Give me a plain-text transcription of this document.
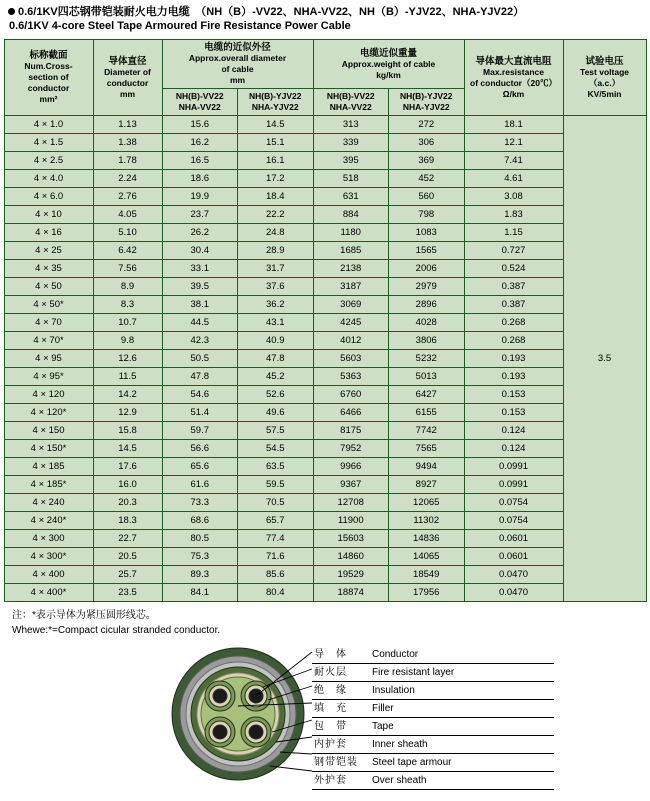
0.6/1KV四芯钢带铠装耐火电力电缆　（NH（B）-VV22、NHA-VV22、NH（B）-YJV22、NHA-YJV22）
0.6/1KV 4-core Steel Tape Armoured Fire Resistance Power Cable
标称截面
Num.Cross-
section of
conductor
mm²	导体直径
Diameter of
conductor
mm	电缆的近似外径
Approx.overall diameter
of cable
mm		电缆近似重量
Approx.weight of cable
kg/km		导体最大直流电阻
Max.resistance
of conductor（20℃）
Ω/km	试验电压
Test voltage
（a.c.）
KV/5min

		NH(B)-VV22
NHA-VV22	NH(B)-YJV22
NHA-YJV22	NH(B)-VV22
NHA-VV22	NH(B)-YJV22
NHA-YJV22		

4 × 1.0	1.13	15.6	14.5	313	272	18.1	3.5
4 × 1.5	1.38	16.2	15.1	339	306	12.1	
4 × 2.5	1.78	16.5	16.1	395	369	7.41	
4 × 4.0	2.24	18.6	17.2	518	452	4.61	
4 × 6.0	2.76	19.9	18.4	631	560	3.08	
4 × 10	4.05	23.7	22.2	884	798	1.83	
4 × 16	5.10	26.2	24.8	1180	1083	1.15	
4 × 25	6.42	30.4	28.9	1685	1565	0.727	
4 × 35	7.56	33.1	31.7	2138	2006	0.524	
4 × 50	8.9	39.5	37.6	3187	2979	0.387	
4 × 50*	8.3	38.1	36.2	3069	2896	0.387	
4 × 70	10.7	44.5	43.1	4245	4028	0.268	
4 × 70*	9.8	42.3	40.9	4012	3806	0.268	
4 × 95	12.6	50.5	47.8	5603	5232	0.193	
4 × 95*	11.5	47.8	45.2	5363	5013	0.193	
4 × 120	14.2	54.6	52.6	6760	6427	0.153	
4 × 120*	12.9	51.4	49.6	6466	6155	0.153	
4 × 150	15.8	59.7	57.5	8175	7742	0.124	
4 × 150*	14.5	56.6	54.5	7952	7565	0.124	
4 × 185	17.6	65.6	63.5	9966	9494	0.0991	
4 × 185*	16.0	61.6	59.5	9367	8927	0.0991	
4 × 240	20.3	73.3	70.5	12708	12065	0.0754	
4 × 240*	18.3	68.6	65.7	11900	11302	0.0754	
4 × 300	22.7	80.5	77.4	15603	14836	0.0601	
4 × 300*	20.5	75.3	71.6	14860	14065	0.0601	
4 × 400	25.7	89.3	85.6	19529	18549	0.0470	
4 × 400*	23.5	84.1	80.4	18874	17956	0.0470	
注：*表示导体为紧压圆形线芯。
Whewe:*=Compact cicular stranded conductor.
导　体	Conductor
耐火层	Fire resistant layer
绝　缘	Insulation
填　充	Filler
包　带	Tape
内护套	Inner sheath
钢带铠装 Steel tape armour
外护套	Over sheath
